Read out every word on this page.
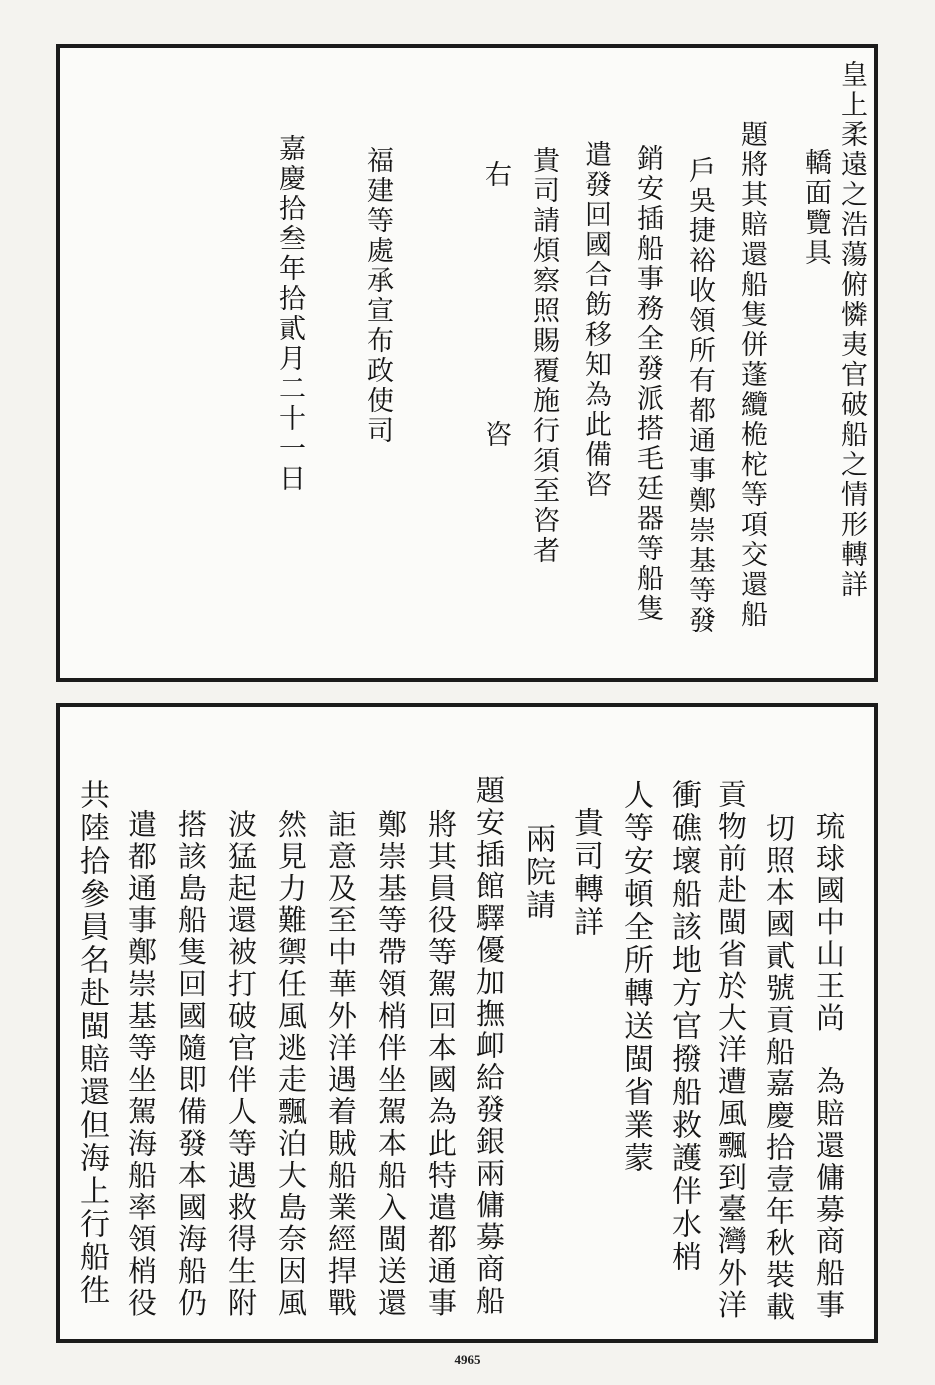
皇上柔遠之浩蕩俯憐夷官破船之情形轉詳
轎面覽具
題將其賠還船隻併蓬纜桅柁等項交還船
戶吳捷裕收領所有都通事鄭崇基等發
銷安插船事務全發派搭毛廷器等船隻
遣發回國合飭移知為此備咨
貴司請煩察照賜覆施行須至咨者
右
咨
福建等處承宣布政使司
嘉慶拾叁年拾貳月二十一日
琉球國中山王尚　為賠還傭募商船事
切照本國貳號貢船嘉慶拾壹年秋裝載
貢物前赴閩省於大洋遭風飄到臺灣外洋
衝礁壞船該地方官撥船救護伴水梢
人等安頓全所轉送閩省業蒙
貴司轉詳
兩院請
題安插館驛優加撫卹給發銀兩傭募商船
將其員役等駕回本國為此特遣都通事
鄭崇基等帶領梢伴坐駕本船入閩送還
詎意及至中華外洋遇着賊船業經捍戰
然見力難禦任風逃走飄泊大島奈因風
波猛起還被打破官伴人等遇救得生附
搭該島船隻回國隨即備發本國海船仍
遣都通事鄭崇基等坐駕海船率領梢役
共陸拾參員名赴閩賠還但海上行船徃
4965
